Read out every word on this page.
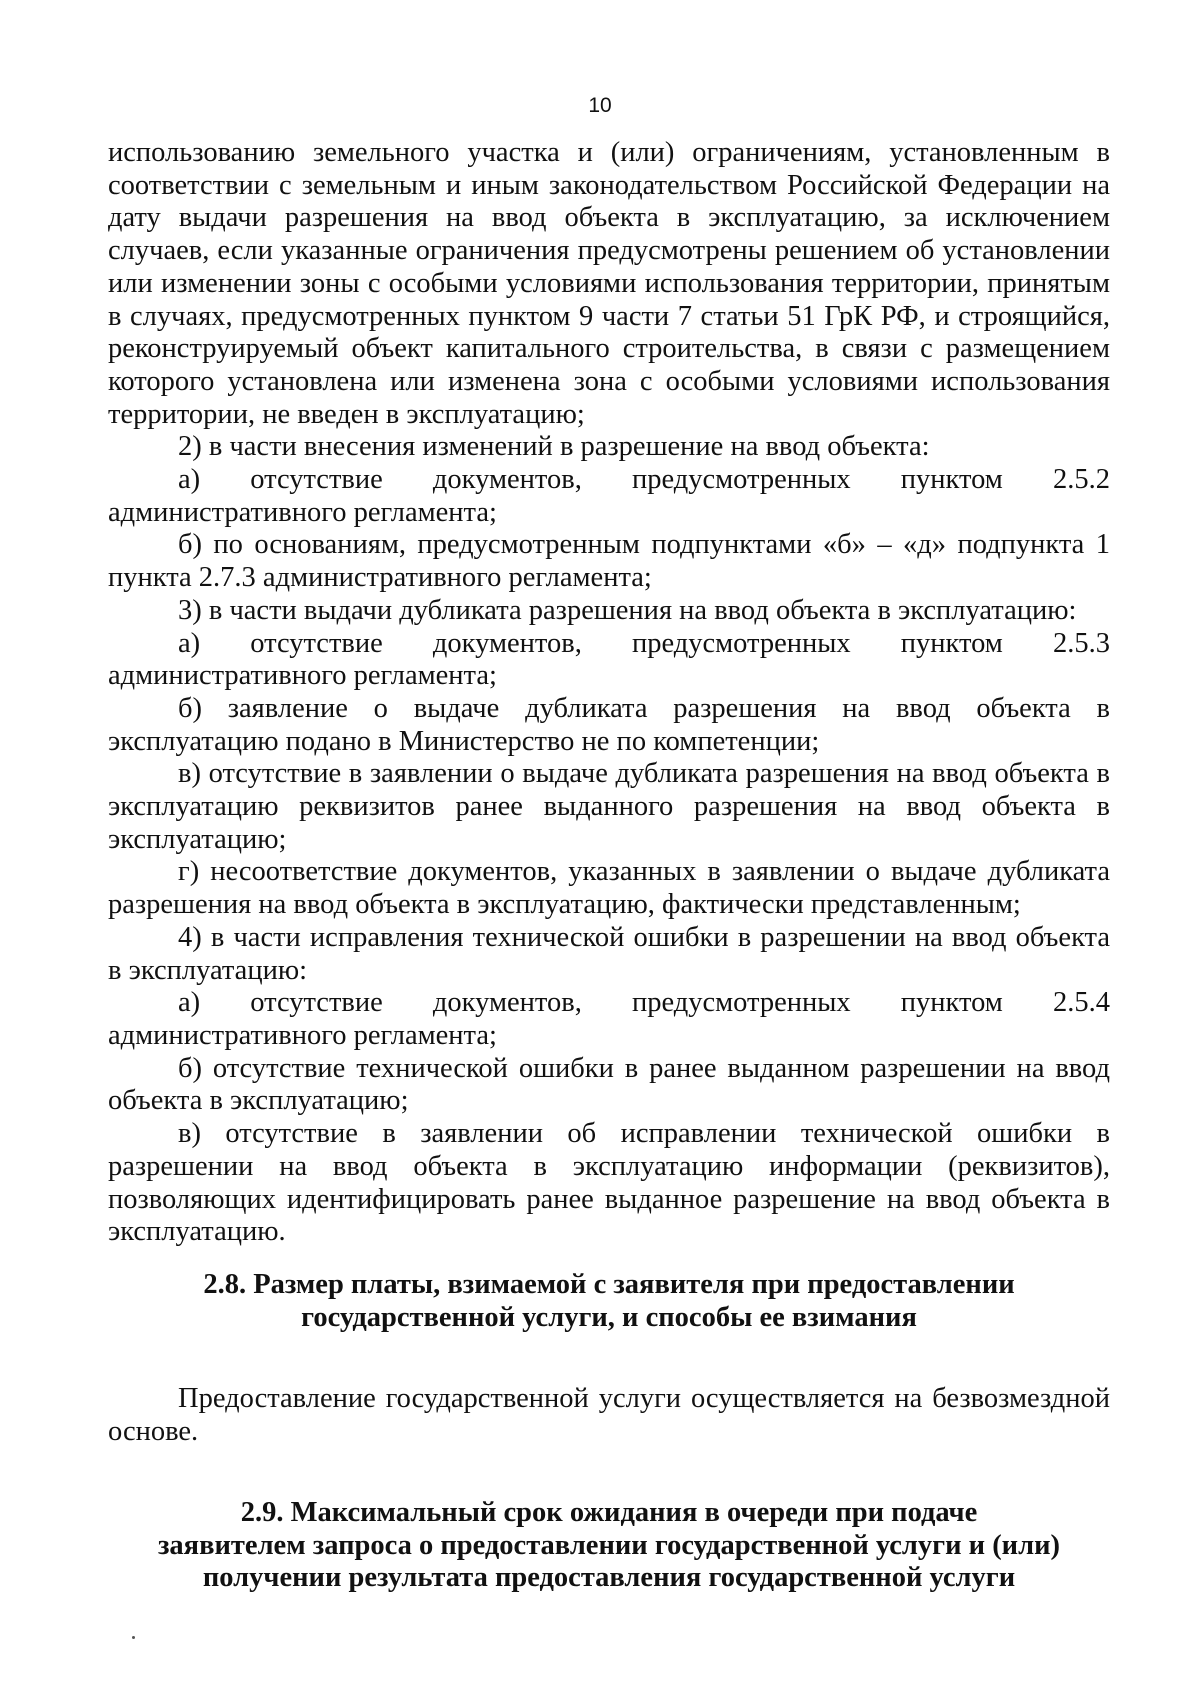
10

использованию земельного участка и (или) ограничениям, установленным в соответствии с земельным и иным законодательством Российской Федерации на дату выдачи разрешения на ввод объекта в эксплуатацию, за исключением случаев, если указанные ограничения предусмотрены решением об установлении или изменении зоны с особыми условиями использования территории, принятым в случаях, предусмотренных пунктом 9 части 7 статьи 51 ГрК РФ, и строящийся, реконструируемый объект капитального строительства, в связи с размещением которого установлена или изменена зона с особыми условиями использования территории, не введен в эксплуатацию;

2) в части внесения изменений в разрешение на ввод объекта:

а) отсутствие документов, предусмотренных пунктом 2.5.2 административного регламента;

б) по основаниям, предусмотренным подпунктами «б» – «д» подпункта 1 пункта 2.7.3 административного регламента;

3) в части выдачи дубликата разрешения на ввод объекта в эксплуатацию:

а) отсутствие документов, предусмотренных пунктом 2.5.3 административного регламента;

б) заявление о выдаче дубликата разрешения на ввод объекта в эксплуатацию подано в Министерство не по компетенции;

в) отсутствие в заявлении о выдаче дубликата разрешения на ввод объекта в эксплуатацию реквизитов ранее выданного разрешения на ввод объекта в эксплуатацию;

г) несоответствие документов, указанных в заявлении о выдаче дубликата разрешения на ввод объекта в эксплуатацию, фактически представленным;

4) в части исправления технической ошибки в разрешении на ввод объекта в эксплуатацию:

а) отсутствие документов, предусмотренных пунктом 2.5.4 административного регламента;

б) отсутствие технической ошибки в ранее выданном разрешении на ввод объекта в эксплуатацию;

в) отсутствие в заявлении об исправлении технической ошибки в разрешении на ввод объекта в эксплуатацию информации (реквизитов), позволяющих идентифицировать ранее выданное разрешение на ввод объекта в эксплуатацию.

2.8. Размер платы, взимаемой с заявителя при предоставлении
государственной услуги, и способы ее взимания

Предоставление государственной услуги осуществляется на безвозмездной основе.

2.9. Максимальный срок ожидания в очереди при подаче
заявителем запроса о предоставлении государственной услуги и (или)
получении результата предоставления государственной услуги
